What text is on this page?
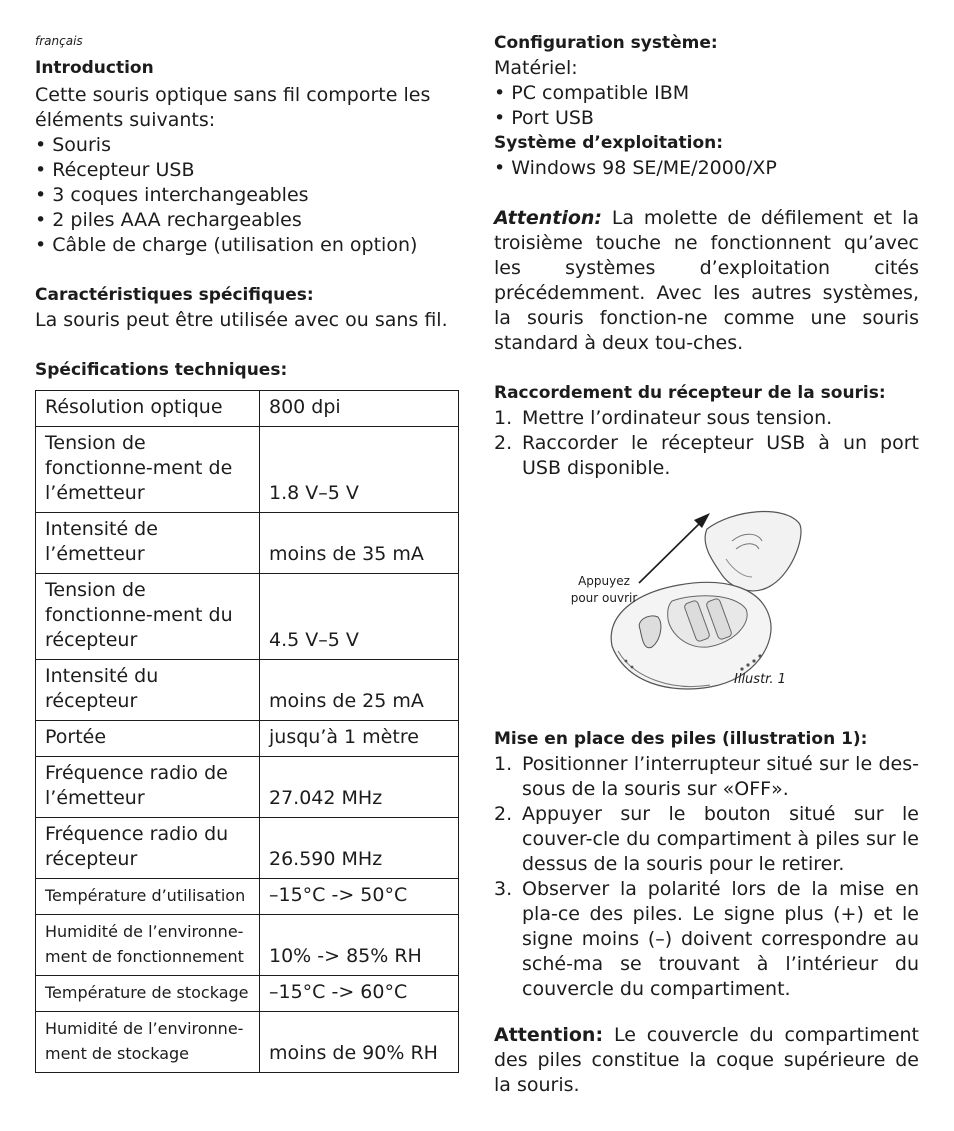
français
Introduction

Cette souris optique sans fil comporte les éléments suivants:

• Souris
• Récepteur USB
• 3 coques interchangeables
• 2 piles AAA rechargeables
• Câble de charge (utilisation en option)
Caractéristiques spécifiques:

La souris peut être utilisée avec ou sans fil.

Spécifications techniques:
Résolution optique	800 dpi
Tension de fonctionne-ment de l’émetteur	1.8 V–5 V
Intensité de l’émetteur	moins de 35 mA
Tension de fonctionne-ment du récepteur	4.5 V–5 V
Intensité du récepteur	moins de 25 mA
Portée	jusqu’à 1 mètre
Fréquence radio de l’émetteur	27.042 MHz
Fréquence radio du récepteur	26.590 MHz
Température d’utilisation	–15°C -> 50°C
Humidité de l’environne-ment de fonctionnement	10% -> 85% RH
Température de stockage	–15°C -> 60°C
Humidité de l’environne-ment de stockage	moins de 90% RH
Configuration système:

Matériel:

• PC compatible IBM
• Port USB
Système d’exploitation:
• Windows 98 SE/ME/2000/XP

Attention: La molette de défilement et la troisième touche ne fonctionnent qu’avec les systèmes d’exploitation cités précédemment. Avec les autres systèmes, la souris fonction-ne comme une souris standard à deux tou-ches.

Raccordement du récepteur de la souris:
1. Mettre l’ordinateur sous tension.
2. Raccorder le récepteur USB à un port USB disponible.
Appuyez
pour ouvrir
Illustr. 1
Mise en place des piles (illustration 1):
1. Positionner l’interrupteur situé sur le des-sous de la souris sur «OFF».
2. Appuyer sur le bouton situé sur le couver-cle du compartiment à piles sur le dessus de la souris pour le retirer.
3. Observer la polarité lors de la mise en pla-ce des piles. Le signe plus (+) et le signe moins (–) doivent correspondre au sché-ma se trouvant à l’intérieur du couvercle du compartiment.

Attention: Le couvercle du compartiment des piles constitue la coque supérieure de la souris.
